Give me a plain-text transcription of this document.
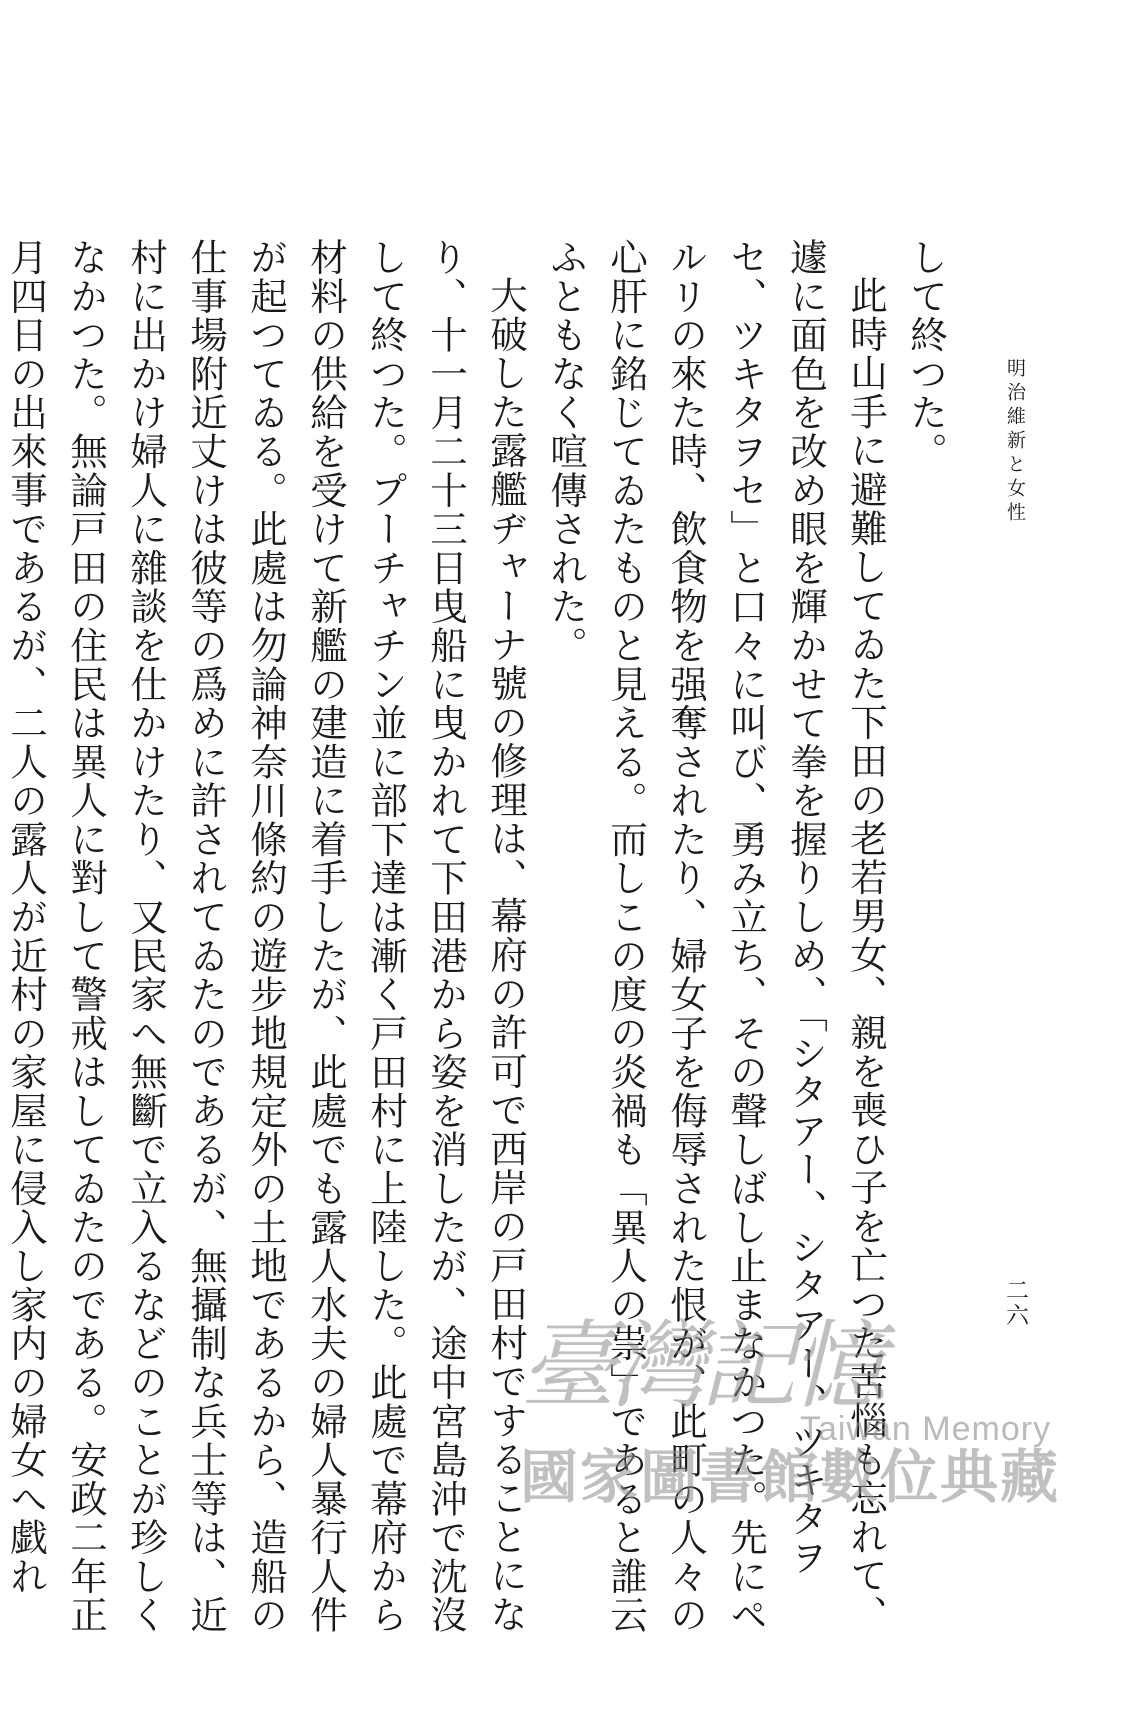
明治維新と女性
二六

して終つた。

此時山手に避難してゐた下田の老若男女、親を喪ひ子を亡つた苦惱も忘れて、遽に面色を改め眼を輝かせて拳を握りしめ、「シタアー、シタアー、ツキタヲセ、ツキタヲセ」と口々に叫び、勇み立ち、その聲しばし止まなかつた。先にペルリの來た時、飲食物を强奪されたり、婦女子を侮辱された恨が、此町の人々の心肝に銘じてゐたものと見える。而しこの度の炎禍も「異人の祟」であると誰云ふともなく喧傳された。

大破した露艦ヂャーナ號の修理は、幕府の許可で西岸の戸田村ですることになり、十一月二十三日曳船に曳かれて下田港から姿を消したが、途中宮島沖で沈沒して終つた。プーチャチン並に部下達は漸く戸田村に上陸した。此處で幕府から材料の供給を受けて新艦の建造に着手したが、此處でも露人水夫の婦人暴行人件が起つてゐる。此處は勿論神奈川條約の遊步地規定外の土地であるから、造船の仕事場附近丈けは彼等の爲めに許されてゐたのであるが、無攝制な兵士等は、近村に出かけ婦人に雜談を仕かけたり、又民家へ無斷で立入るなどのことが珍しくなかつた。無論戸田の住民は異人に對して警戒はしてゐたのである。安政二年正月四日の出來事であるが、二人の露人が近村の家屋に侵入し家内の婦女へ戯れ

臺灣記憶
Taiwan Memory
國家圖書館數位典藏
